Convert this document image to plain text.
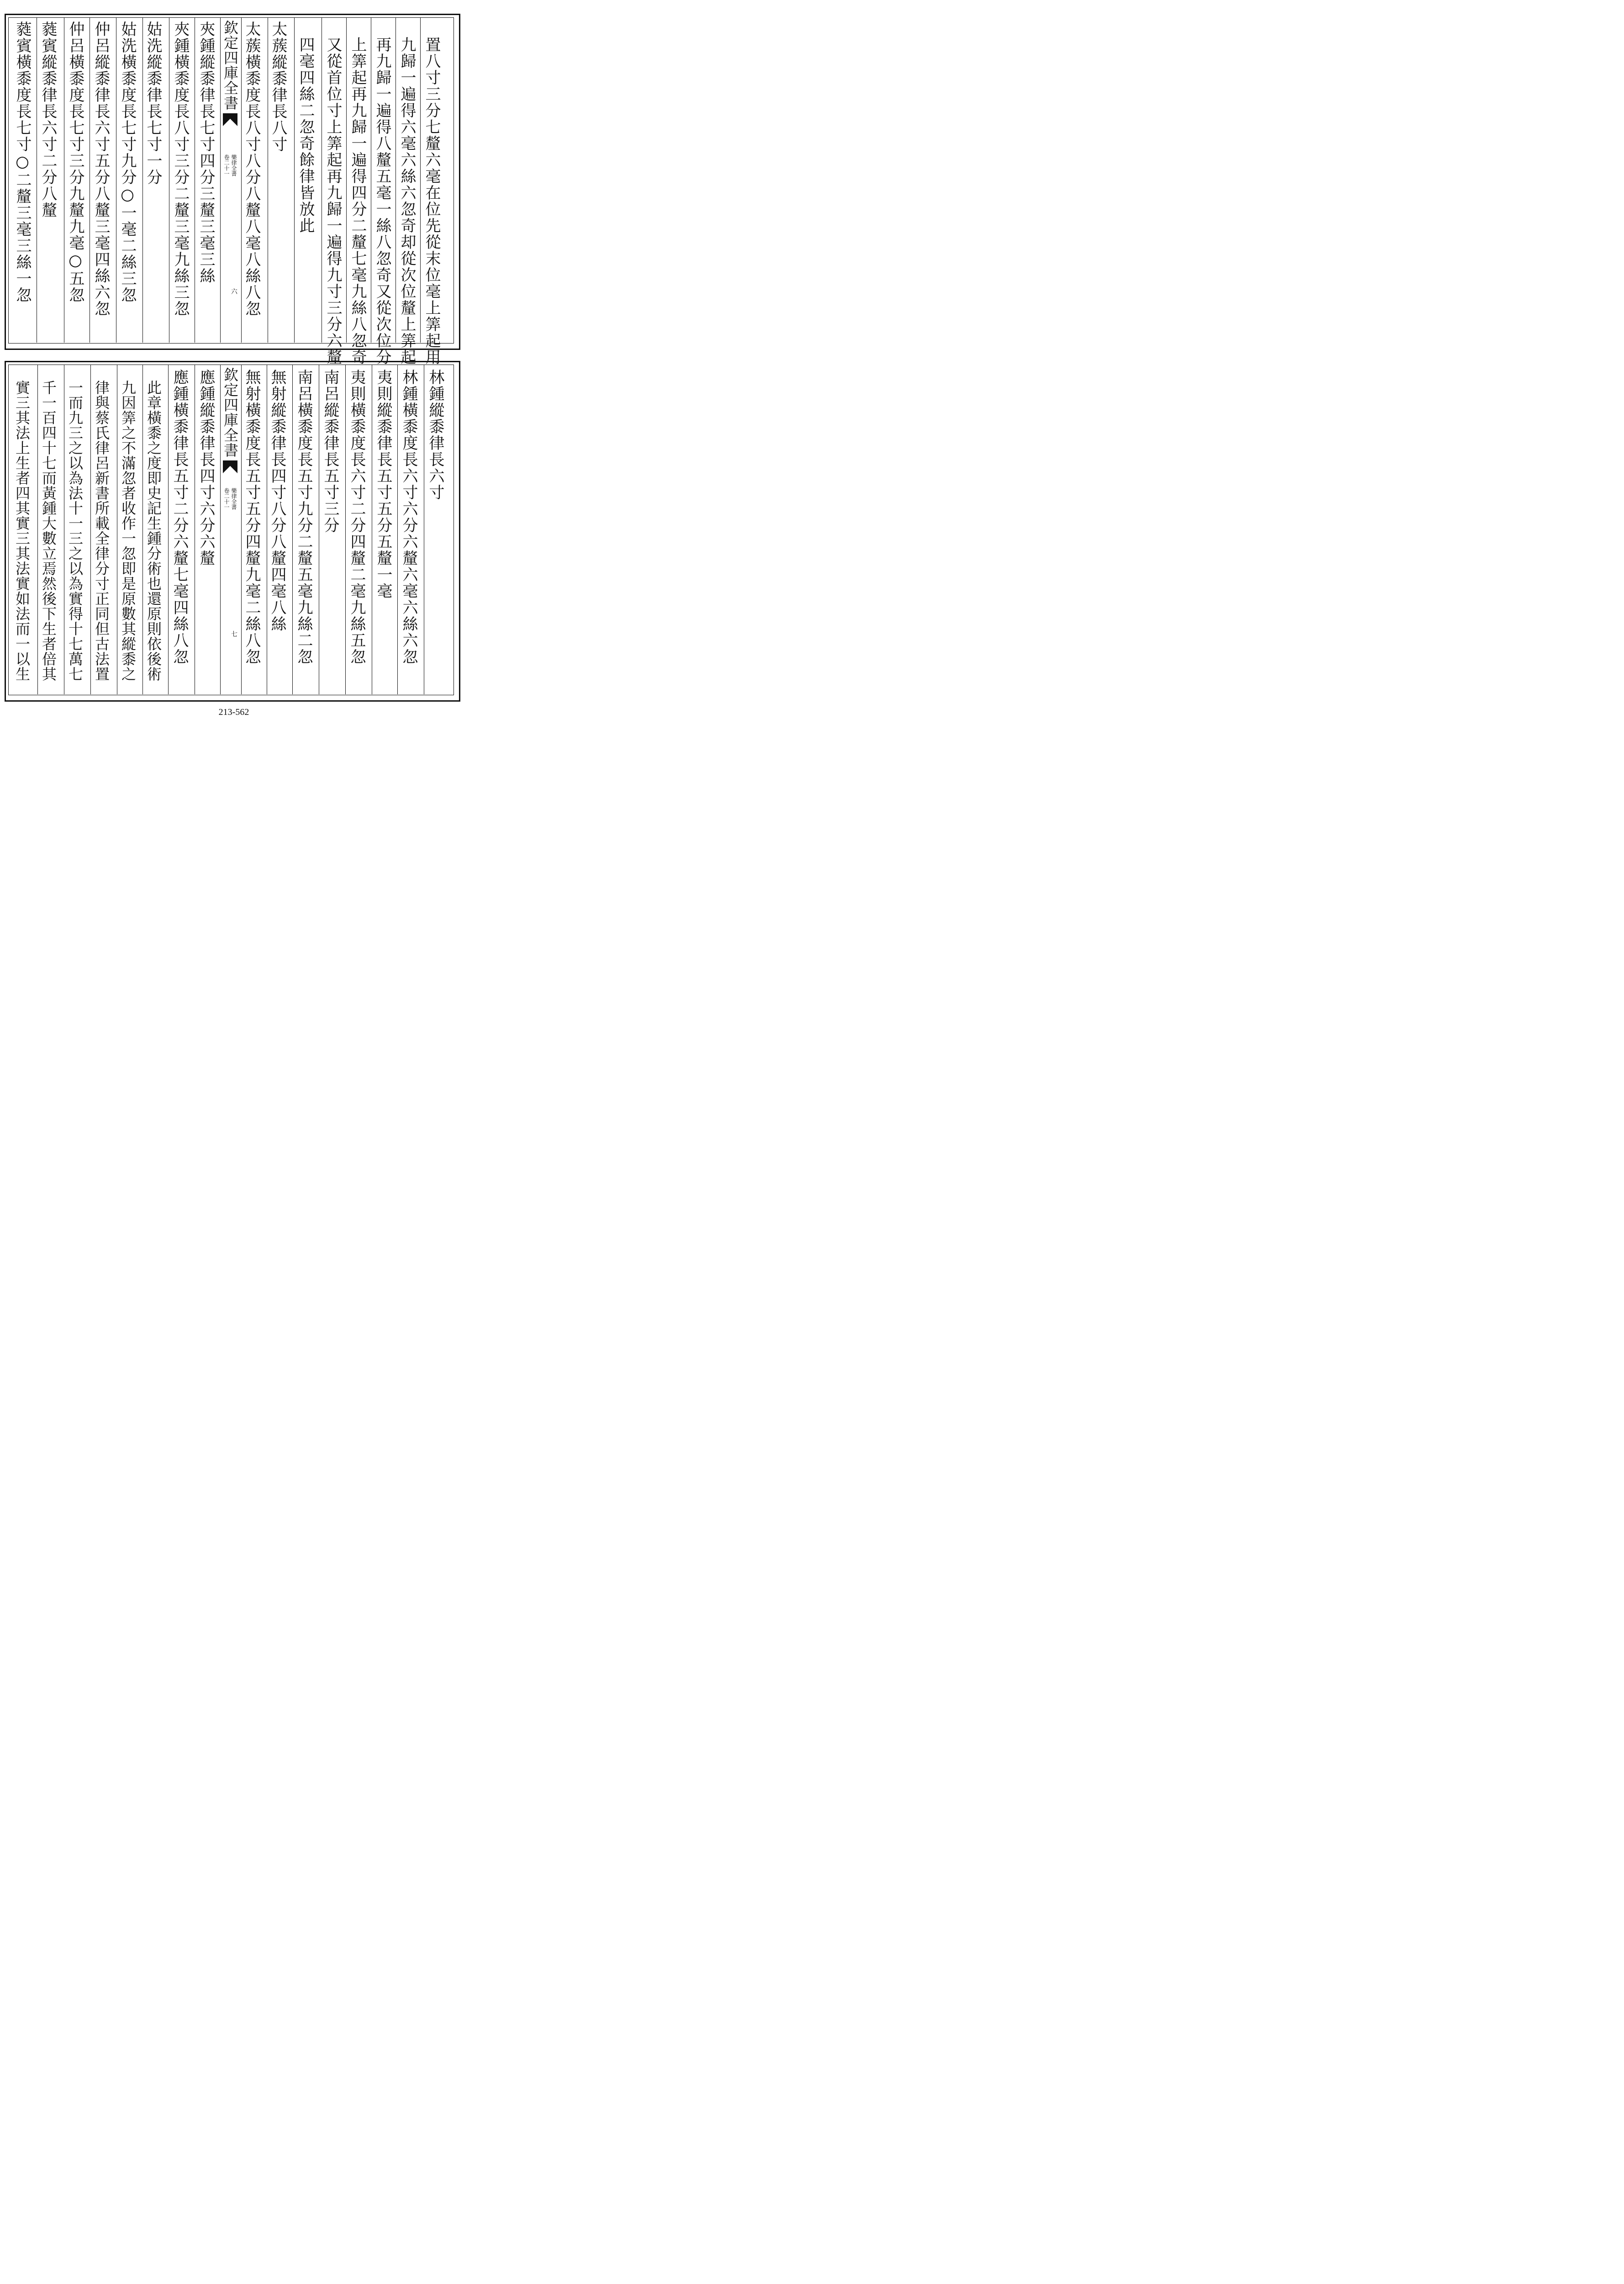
置八寸三分七釐六毫在位先從末位毫上筭起用
九歸一遍得六毫六絲六忽奇却從次位釐上筭起
再九歸一遍得八釐五毫一絲八忽奇又從次位分
上筭起再九歸一遍得四分二釐七毫九絲八忽奇
又從首位寸上筭起再九歸一遍得九寸三分六釐
四毫四絲二忽奇餘律皆放此
太蔟縱黍律長八寸
欽定四庫全書
樂律全書
卷二十一
六 太蔟橫黍度長八寸八分八釐八毫八絲八忽
夾鍾縱黍律長七寸四分三釐三毫三絲
夾鍾橫黍度長八寸三分二釐三毫九絲三忽
姑洗縱黍律長七寸一分
姑洗橫黍度長七寸九分○一毫二絲三忽
仲呂縱黍律長六寸五分八釐三毫四絲六忽
仲呂橫黍度長七寸三分九釐九毫○五忽
蕤賓縱黍律長六寸二分八釐
蕤賓橫黍度長七寸○二釐三毫三絲一忽
林鍾縱黍律長六寸
林鍾橫黍度長六寸六分六釐六毫六絲六忽
夷則縱黍律長五寸五分五釐一毫
夷則橫黍度長六寸二分四釐二毫九絲五忽
南呂縱黍律長五寸三分
南呂橫黍度長五寸九分二釐五毫九絲二忽
無射縱黍律長四寸八分八釐四毫八絲
欽定四庫全書
樂律全書
卷二十一
七 無射橫黍度長五寸五分四釐九毫二絲八忽
應鍾縱黍律長四寸六分六釐
應鍾橫黍律長五寸二分六釐七毫四絲八忽
此章橫黍之度即史記生鍾分術也還原則依後術
九因筭之不滿忽者收作一忽即是原數其縱黍之
律與蔡氏律呂新書所載全律分寸正同但古法置
一而九三之以為法十一三之以為實得十七萬七
千一百四十七而黃鍾大數立焉然後下生者倍其
實三其法上生者四其實三其法實如法而一以生
213-562
